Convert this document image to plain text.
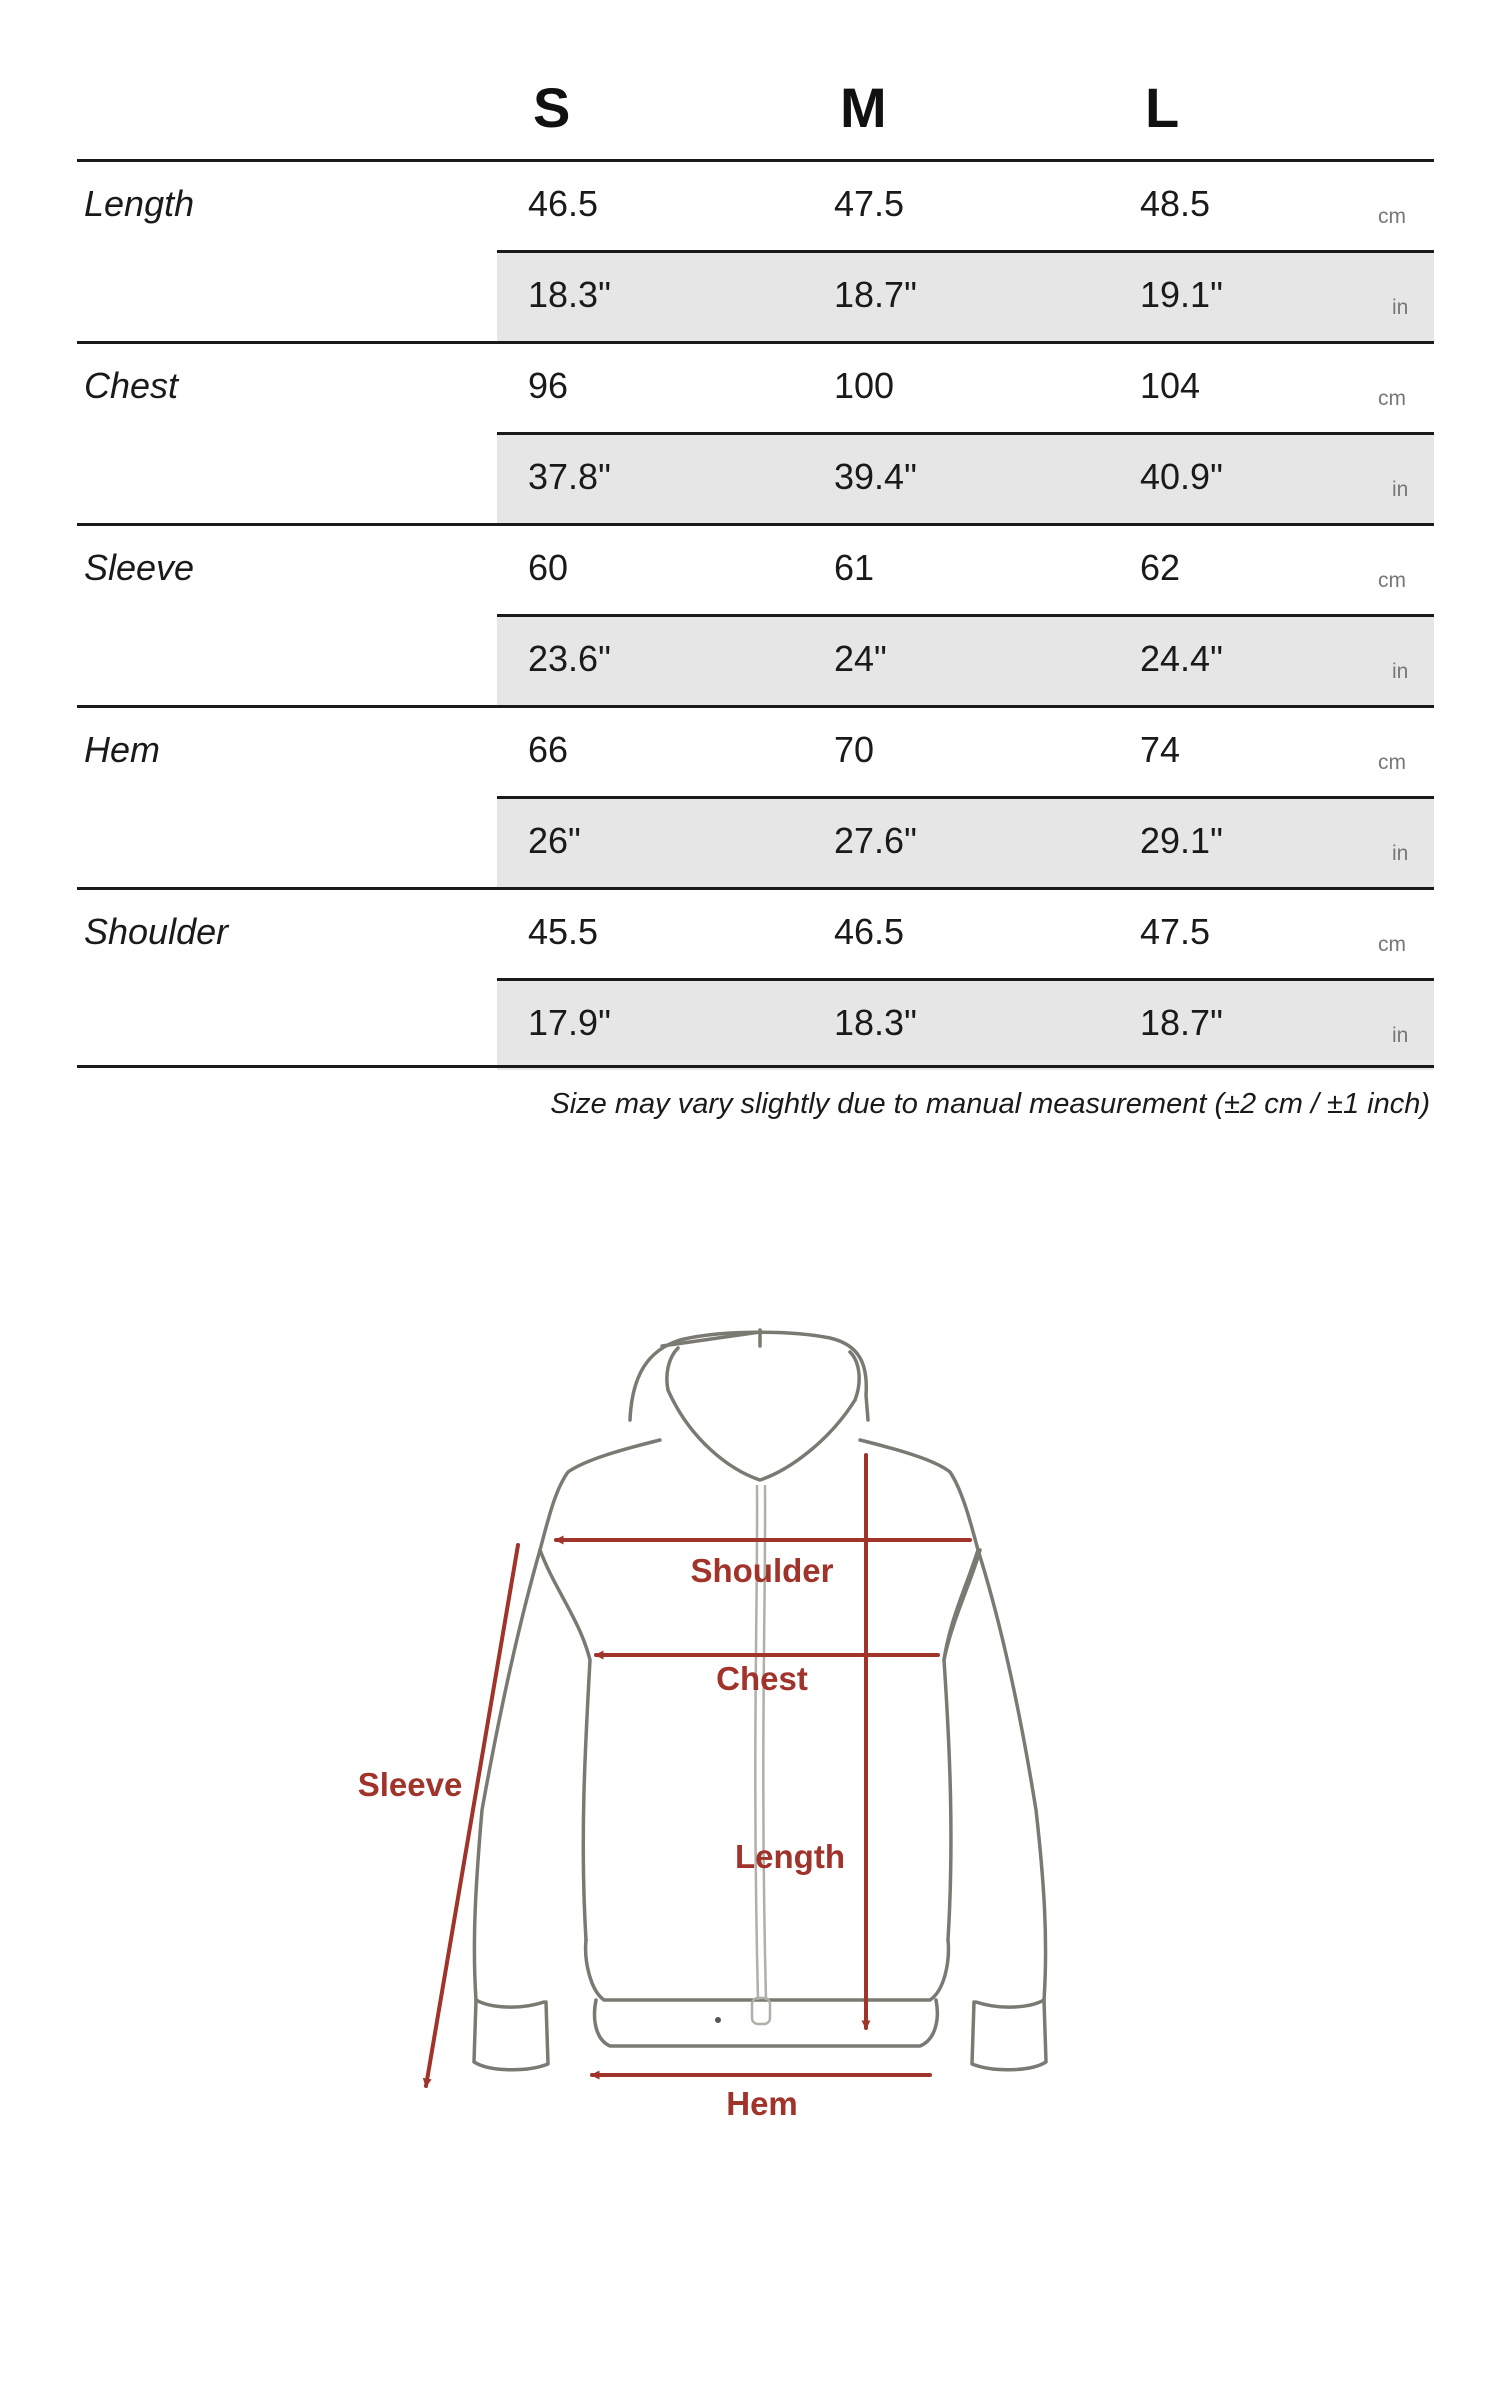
S	M	L
Length	46.5	47.5	48.5	cm
18.3"	18.7"	19.1"	in
Chest	96	100	104	cm
37.8"	39.4"	40.9"	in
Sleeve	60	61	62	cm
23.6"	24"	24.4"	in
Hem	66	70	74	cm
26"	27.6"	29.1"	in
Shoulder	45.5	46.5	47.5	cm
17.9"	18.3"	18.7"	in
Size may vary slightly due to manual measurement (±2 cm / ±1 inch)
Shoulder
Chest
Length
Sleeve
Hem
